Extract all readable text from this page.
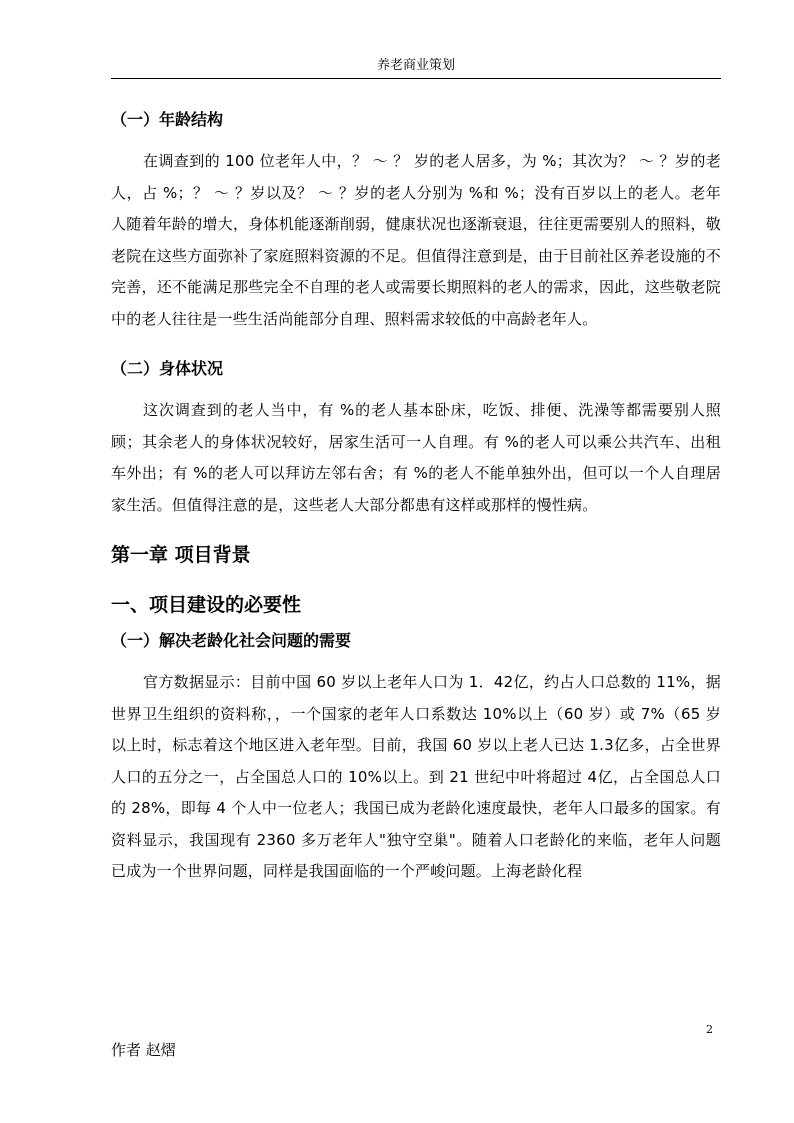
养老商业策划
（一）年龄结构

在调查到的 100 位老年人中，？ ～ ？ 岁的老人居多，为 %；其次为？ ～ ？岁的老人，占 %；？ ～ ？岁以及？ ～ ？岁的老人分别为 %和 %；没有百岁以上的老人。老年人随着年龄的增大，身体机能逐渐削弱，健康状况也逐渐衰退，往往更需要别人的照料，敬老院在这些方面弥补了家庭照料资源的不足。但值得注意到是，由于目前社区养老设施的不完善，还不能满足那些完全不自理的老人或需要长期照料的老人的需求，因此，这些敬老院中的老人往往是一些生活尚能部分自理、照料需求较低的中高龄老年人。

（二）身体状况

这次调查到的老人当中，有 %的老人基本卧床，吃饭、排便、洗澡等都需要别人照顾；其余老人的身体状况较好，居家生活可一人自理。有 %的老人可以乘公共汽车、出租车外出；有 %的老人可以拜访左邻右舍；有 %的老人不能单独外出，但可以一个人自理居家生活。但值得注意的是，这些老人大部分都患有这样或那样的慢性病。

第一章 项目背景
一、项目建设的必要性
（一）解决老龄化社会问题的需要

官方数据显示：目前中国 60 岁以上老年人口为 1．42亿，约占人口总数的 11%，据世界卫生组织的资料称，，一个国家的老年人口系数达 10%以上（60 岁）或 7%（65 岁以上时，标志着这个地区进入老年型。目前，我国 60 岁以上老人已达 1.3亿多，占全世界人口的五分之一，占全国总人口的 10%以上。到 21 世纪中叶将超过 4亿，占全国总人口的 28%，即每 4 个人中一位老人；我国已成为老龄化速度最快，老年人口最多的国家。有资料显示，我国现有 2360 多万老年人"独守空巢"。随着人口老龄化的来临，老年人问题已成为一个世界问题，同样是我国面临的一个严峻问题。上海老龄化程

2
作者 赵熠
